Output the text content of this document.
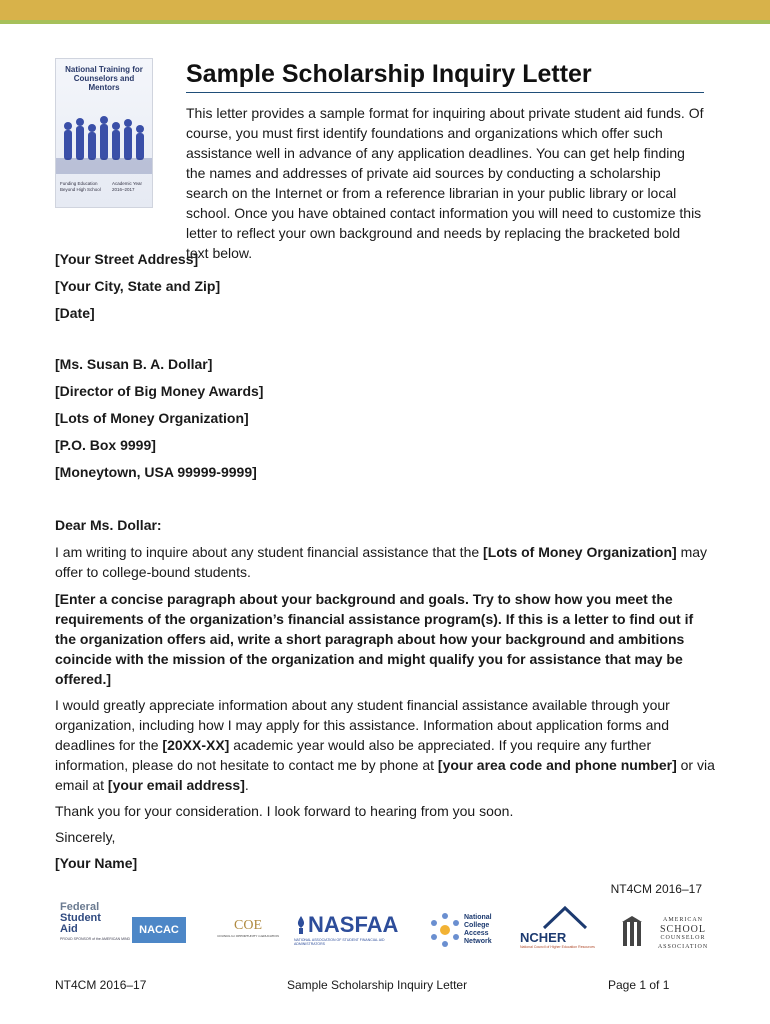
National Training for Counselors and Mentors
Funding Education Beyond High School
Academic Year 2016–2017
Sample Scholarship Inquiry Letter

This letter provides a sample format for inquiring about private student aid funds. Of course, you must first identify foundations and organizations which offer such assistance well in advance of any application deadlines. You can get help finding the names and addresses of private aid sources by conducting a scholarship search on the Internet or from a reference librarian in your public library or local school. Once you have obtained contact information you will need to customize this letter to reflect your own background and needs by replacing the bracketed bold text below.

[Your Street Address]

[Your City, State and Zip]

[Date]

[Ms. Susan B. A. Dollar]

[Director of Big Money Awards]

[Lots of Money Organization]

[P.O. Box 9999]

[Moneytown, USA 99999-9999]

Dear Ms. Dollar:

I am writing to inquire about any student financial assistance that the [Lots of Money Organization] may offer to college-bound students.

[Enter a concise paragraph about your background and goals. Try to show how you meet the requirements of the organization’s financial assistance program(s). If this is a letter to find out if the organization offers aid, write a short paragraph about how your background and ambitions coincide with the mission of the organization and might qualify you for assistance that may be offered.]

I would greatly appreciate information about any student financial assistance available through your organization, including how I may apply for this assistance. Information about application forms and deadlines for the [20XX-XX] academic year would also be appreciated. If you require any further information, please do not hesitate to contact me by phone at [your area code and phone number] or via email at [your email address].

Thank you for your consideration. I look forward to hearing from you soon.

Sincerely,

[Your Name]

NT4CM 2016–17
Federal
Student
Aid
PROUD SPONSOR of the AMERICAN MIND
NACAC	COE
COUNCIL for OPPORTUNITY in EDUCATION	NASFAA
NATIONAL ASSOCIATION OF STUDENT FINANCIAL AID ADMINISTRATORS
National College Access Network	NCHER
National Council of Higher Education Resources
AMERICAN
SCHOOL
COUNSELOR ASSOCIATION
NT4CM 2016–17	Sample Scholarship Inquiry Letter	Page 1 of 1
